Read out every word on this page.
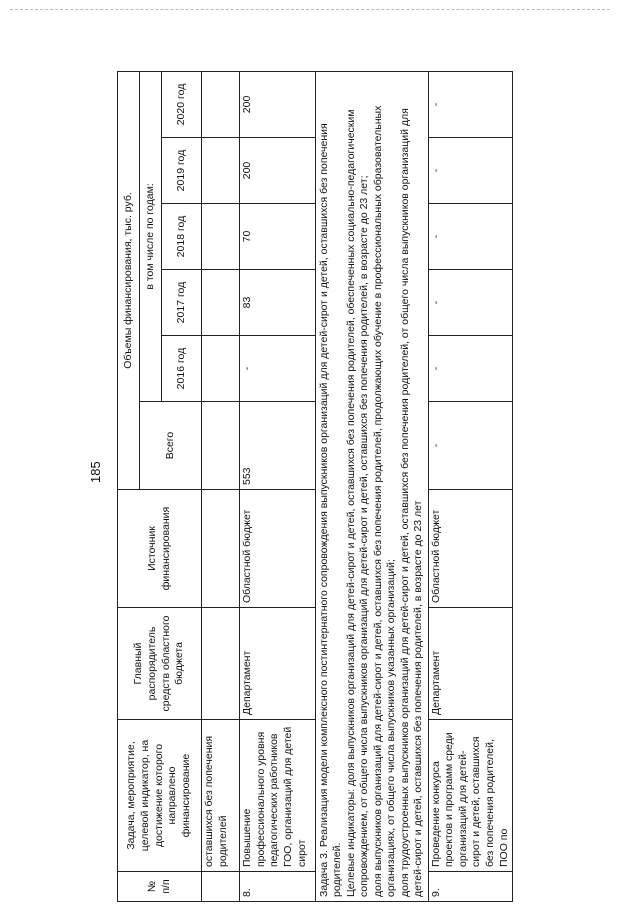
185
№ п/п	Задача, мероприятие, целевой индикатор, на достижение которого направлено финансирование	Главный распорядитель средств областного бюджета	Источник финансирования	Объемы финансирования, тыс. руб.					
				Всего	в том числе по годам:				
					2016 год	2017 год	2018 год	2019 год	2020 год
	оставшихся без попечения родителей								
8.	Повышение профессионального уровня педагогических работников ГОО, организаций для детей сирот	Департамент	Областной бюджет	553	-	83	70	200	200

Задача 3. Реализация модели комплексного постинтернатного сопровождения выпускников организаций для детей-сирот и детей, оставшихся без попечения родителей. Целевые индикаторы: доля выпускников организаций для детей-сирот и детей, оставшихся без попечения родителей, обеспеченных социально-педагогическим сопровождением, от общего числа выпускников организаций для детей-сирот и детей, оставшихся без попечения родителей, в возрасте до 23 лет; доля выпускников организаций для детей-сирот и детей, оставшихся без попечения родителей, продолжающих обучение в профессиональных образовательных организациях, от общего числа выпускников указанных организаций; доля трудоустроенных выпускников организаций для детей-сирот и детей, оставшихся без попечения родителей, от общего числа выпускников организаций для детей-сирот и детей, оставшихся без попечения родителей, в возрасте до 23 лет									

9.	Проведение конкурса проектов и программ среди организаций для детей-сирот и детей, оставшихся без попечения родителей, ПОО по	Департамент	Областной бюджет	-	-	-	-	-	-
